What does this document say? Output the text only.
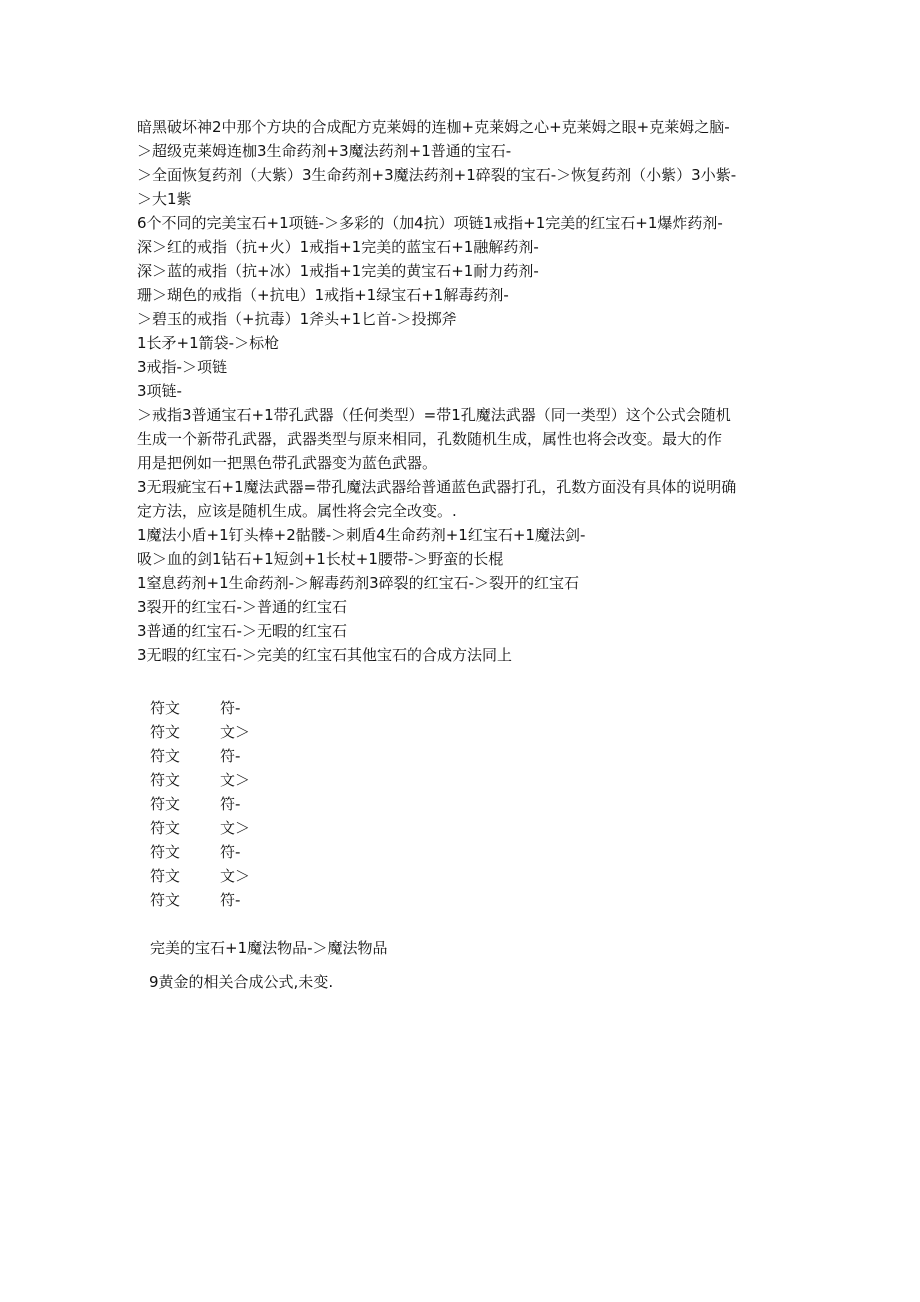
暗黑破坏神2中那个方块的合成配方克莱姆的连枷+克莱姆之心+克莱姆之眼+克莱姆之脑-
＞超级克莱姆连枷3生命药剂+3魔法药剂+1普通的宝石-
＞全面恢复药剂（大紫）3生命药剂+3魔法药剂+1碎裂的宝石-＞恢复药剂（小紫）3小紫-
＞大1紫
6个不同的完美宝石+1项链-＞多彩的（加4抗）项链1戒指+1完美的红宝石+1爆炸药剂-
深＞红的戒指（抗+火）1戒指+1完美的蓝宝石+1融解药剂-
深＞蓝的戒指（抗+冰）1戒指+1完美的黄宝石+1耐力药剂-
珊＞瑚色的戒指（+抗电）1戒指+1绿宝石+1解毒药剂-
＞碧玉的戒指（+抗毒）1斧头+1匕首-＞投掷斧
1长矛+1箭袋-＞标枪
3戒指-＞项链
3项链-
＞戒指3普通宝石+1带孔武器（任何类型）=带1孔魔法武器（同一类型）这个公式会随机
生成一个新带孔武器，武器类型与原来相同，孔数随机生成，属性也将会改变。最大的作
用是把例如一把黑色带孔武器变为蓝色武器。
3无瑕疵宝石+1魔法武器=带孔魔法武器给普通蓝色武器打孔，孔数方面没有具体的说明确
定方法，应该是随机生成。属性将会完全改变。.
1魔法小盾+1钉头棒+2骷髅-＞刺盾4生命药剂+1红宝石+1魔法剑-
吸＞血的剑1钻石+1短剑+1长杖+1腰带-＞野蛮的长棍
1窒息药剂+1生命药剂-＞解毒药剂3碎裂的红宝石-＞裂开的红宝石
3裂开的红宝石-＞普通的红宝石
3普通的红宝石-＞无暇的红宝石
3无暇的红宝石-＞完美的红宝石其他宝石的合成方法同上
符文	符-
符文	文＞
符文	符-
符文	文＞
符文	符-
符文	文＞
符文	符-
符文	文＞
符文	符-
完美的宝石+1魔法物品-＞魔法物品
9黄金的相关合成公式,未变.
